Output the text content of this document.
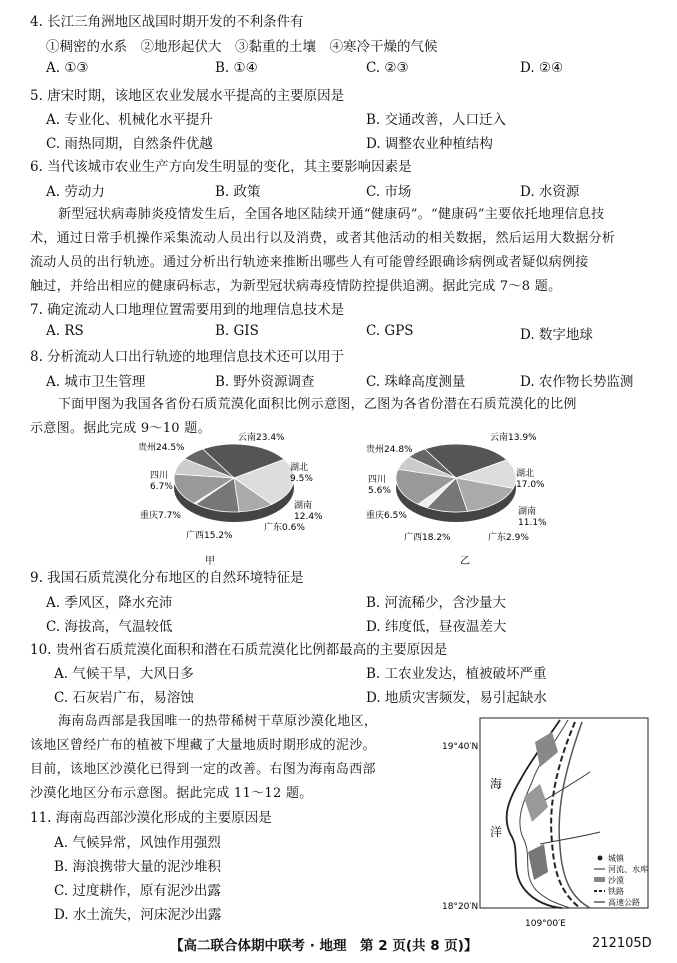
4. 长江三角洲地区战国时期开发的不利条件有
①稠密的水系　②地形起伏大　③黏重的土壤　④寒冷干燥的气候
A. ①③	B. ①④	C. ②③	D. ②④
5. 唐宋时期，该地区农业发展水平提高的主要原因是
A. 专业化、机械化水平提升	B. 交通改善，人口迁入
C. 雨热同期，自然条件优越	D. 调整农业种植结构
6. 当代该城市农业生产方向发生明显的变化，其主要影响因素是
A. 劳动力	B. 政策	C. 市场	D. 水资源
新型冠状病毒肺炎疫情发生后，全国各地区陆续开通“健康码”。“健康码”主要依托地理信息技
术，通过日常手机操作采集流动人员出行以及消费，或者其他活动的相关数据，然后运用大数据分析
流动人员的出行轨迹。通过分析出行轨迹来推断出哪些人有可能曾经跟确诊病例或者疑似病例接
触过，并给出相应的健康码标志，为新型冠状病毒疫情防控提供追溯。据此完成 7～8 题。
7. 确定流动人口地理位置需要用到的地理信息技术是
A. RS	B. GIS	C. GPS	D. 数字地球
8. 分析流动人口出行轨迹的地理信息技术还可以用于
A. 城市卫生管理	B. 野外资源调查	C. 珠峰高度测量	D. 农作物长势监测
下面甲图为我国各省份石质荒漠化面积比例示意图，乙图为各省份潜在石质荒漠化的比例
示意图。据此完成 9～10 题。
贵州24.5%
云南23.4%
湖北
9.5%
湖南
12.4%
广东0.6%
广西15.2%
重庆7.7%
四川
6.7%
甲
贵州24.8%
云南13.9%
湖北
17.0%
湖南
11.1%
广东2.9%
广西18.2%
重庆6.5%
四川
5.6%
乙
9. 我国石质荒漠化分布地区的自然环境特征是
A. 季风区，降水充沛	B. 河流稀少，含沙量大
C. 海拔高，气温较低	D. 纬度低，昼夜温差大
10. 贵州省石质荒漠化面积和潜在石质荒漠化比例都最高的主要原因是
A. 气候干旱，大风日多	B. 工农业发达，植被破坏严重
C. 石灰岩广布，易溶蚀	D. 地质灾害频发，易引起缺水
海南岛西部是我国唯一的热带稀树干草原沙漠化地区，
该地区曾经广布的植被下埋藏了大量地质时期形成的泥沙。
目前，该地区沙漠化已得到一定的改善。右图为海南岛西部
沙漠化地区分布示意图。据此完成 11～12 题。
11. 海南岛西部沙漠化形成的主要原因是
A. 气候异常，风蚀作用强烈
B. 海浪携带大量的泥沙堆积
C. 过度耕作，原有泥沙出露
D. 水土流失，河床泥沙出露
19°40′N
18°20′N
109°00′E
海
洋
城镇
河流、水库
沙漠
铁路
高速公路
【高二联合体期中联考 · 地理　第 2 页(共 8 页)】	212105D
